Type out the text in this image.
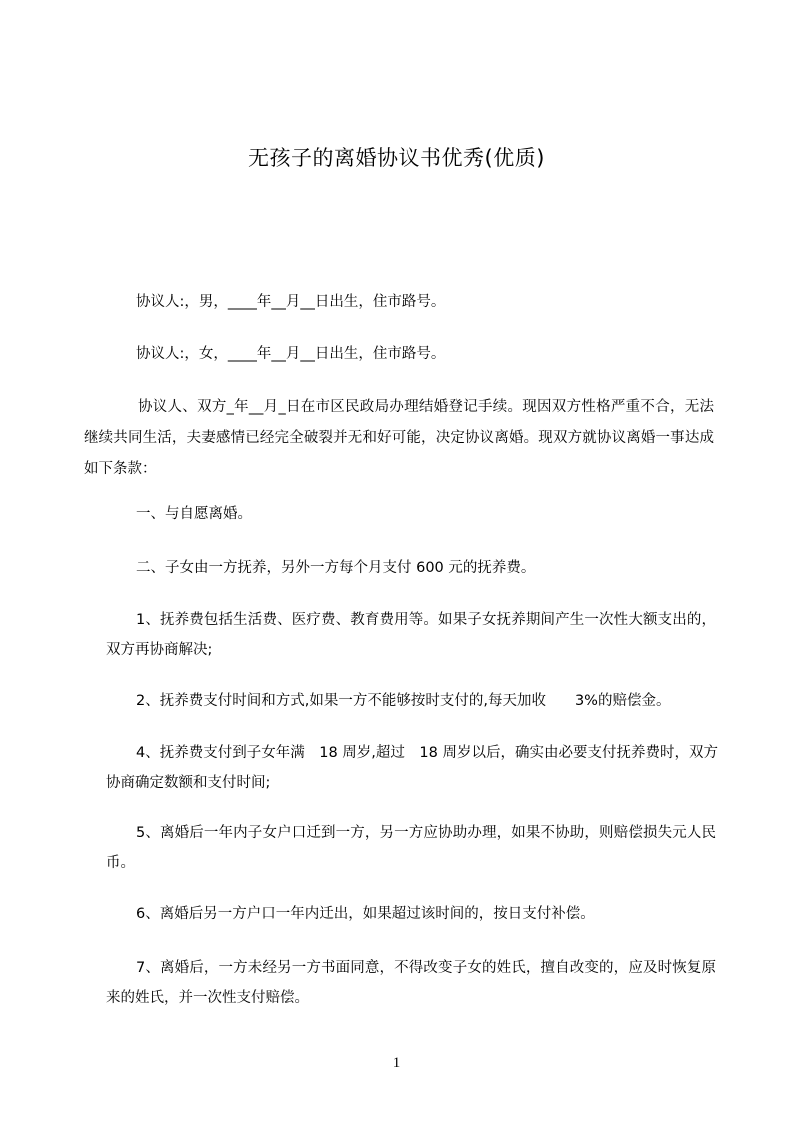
无孩子的离婚协议书优秀(优质)

协议人:，男，____年__月__日出生，住市路号。

协议人:，女，____年__月__日出生，住市路号。

协议人、双方_年__月_日在市区民政局办理结婚登记手续。现因双方性格严重不合，无法继续共同生活，夫妻感情已经完全破裂并无和好可能，决定协议离婚。现双方就协议离婚一事达成如下条款：

一、与自愿离婚。

二、子女由一方抚养，另外一方每个月支付 600 元的抚养费。

1、抚养费包括生活费、医疗费、教育费用等。如果子女抚养期间产生一次性大额支出的，双方再协商解决;

2、抚养费支付时间和方式,如果一方不能够按时支付的,每天加收　　3%的赔偿金。

4、抚养费支付到子女年满　18 周岁,超过　18 周岁以后，确实由必要支付抚养费时，双方协商确定数额和支付时间;

5、离婚后一年内子女户口迁到一方，另一方应协助办理，如果不协助，则赔偿损失元人民币。

6、离婚后另一方户口一年内迁出，如果超过该时间的，按日支付补偿。

7、离婚后，一方未经另一方书面同意，不得改变子女的姓氏，擅自改变的，应及时恢复原来的姓氏，并一次性支付赔偿。

1
